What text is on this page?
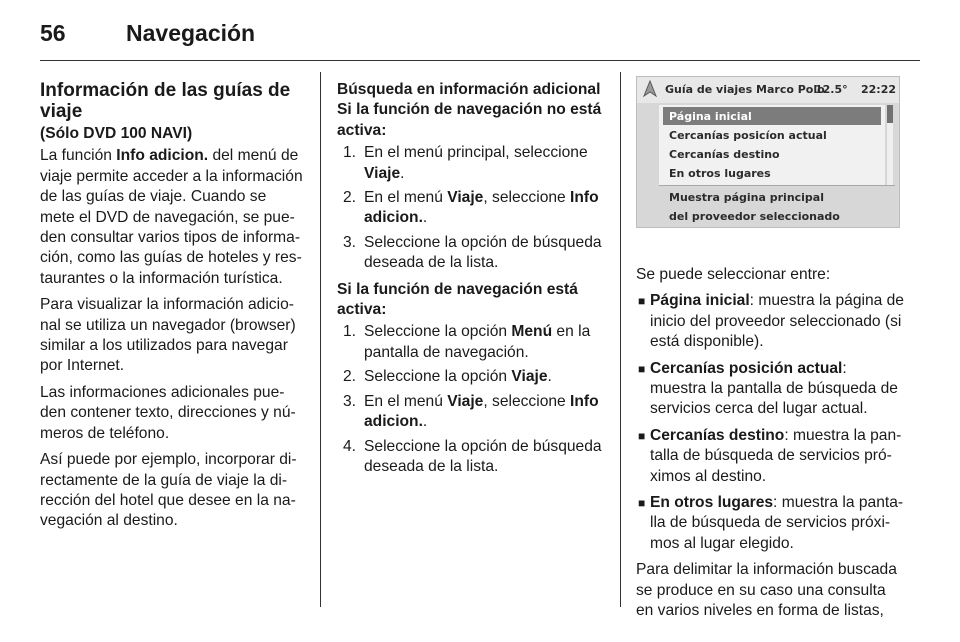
56	Navegación
Información de las guías de viaje
(Sólo DVD 100 NAVI)

La función Info adicion. del menú de viaje permite acceder a la información de las guías de viaje. Cuando se mete el DVD de navegación, se pueden consultar varios tipos de información, como las guías de hoteles y restaurantes o la información turística.

Para visualizar la información adicional se utiliza un navegador (browser) similar a los utilizados para navegar por Internet.

Las informaciones adicionales pueden contener texto, direcciones y números de teléfono.

Así puede por ejemplo, incorporar directamente de la guía de viaje la dirección del hotel que desee en la navegación al destino.

Búsqueda en información adicional
Si la función de navegación no está activa:
1. En el menú principal, seleccione Viaje.
2. En el menú Viaje, seleccione Info adicion..
3. Seleccione la opción de búsqueda deseada de la lista.
Si la función de navegación está activa:
1. Seleccione la opción Menú en la pantalla de navegación.
2. Seleccione la opción Viaje.
3. En el menú Viaje, seleccione Info adicion..
4. Seleccione la opción de búsqueda deseada de la lista.
Guía de viajes Marco Polo
12.5° 22:22
Página inicial
Cercanías posicíon actual
Cercanías destino
En otros lugares
Muestra página principal
del proveedor seleccionado

Se puede seleccionar entre:

■ Página inicial: muestra la página de inicio del proveedor seleccionado (si está disponible).
■ Cercanías posición actual: muestra la pantalla de búsqueda de servicios cerca del lugar actual.
■ Cercanías destino: muestra la pantalla de búsqueda de servicios próximos al destino.
■ En otros lugares: muestra la pantalla de búsqueda de servicios próximos al lugar elegido.

Para delimitar la información buscada se produce en su caso una consulta en varios niveles en forma de listas,
